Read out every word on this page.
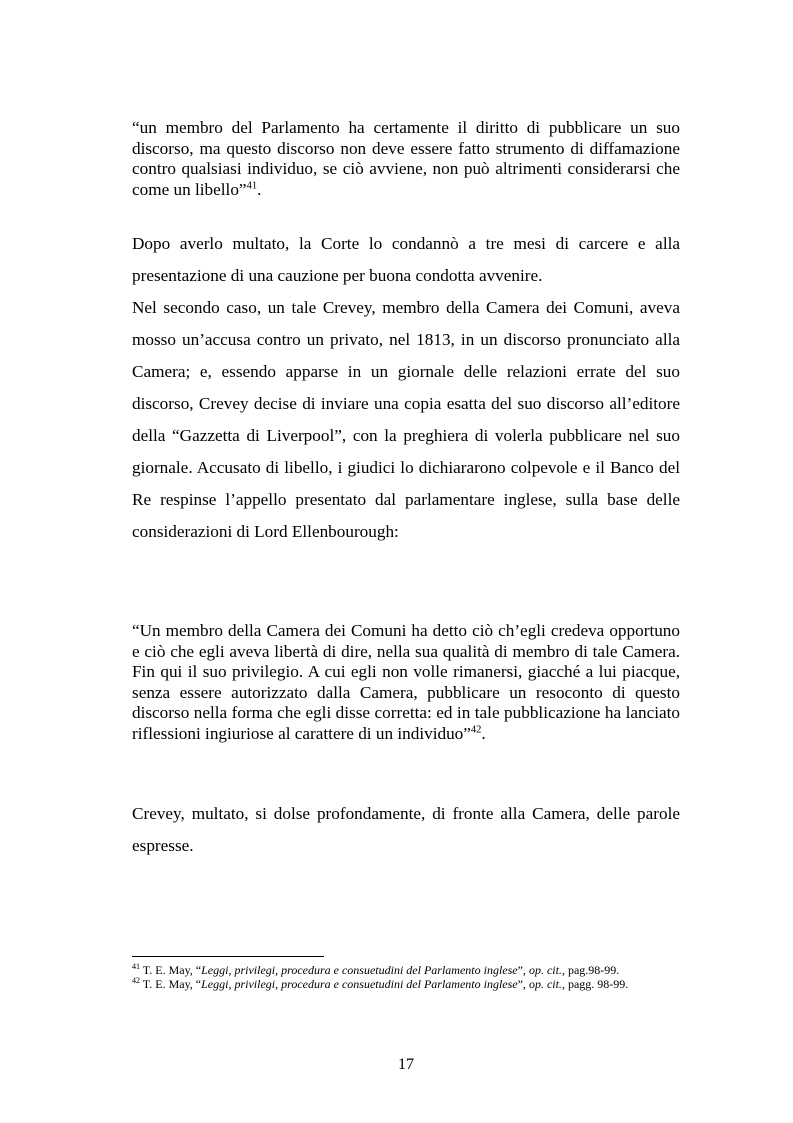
“un membro del Parlamento ha certamente il diritto di pubblicare un suo discorso, ma questo discorso non deve essere fatto strumento di diffamazione contro qualsiasi individuo, se ciò avviene, non può altrimenti considerarsi che come un libello”$^{41}$.

Dopo averlo multato, la Corte lo condannò a tre mesi di carcere e alla presentazione di una cauzione per buona condotta avvenire.

Nel secondo caso, un tale Crevey, membro della Camera dei Comuni, aveva mosso un’accusa contro un privato, nel 1813, in un discorso pronunciato alla Camera; e, essendo apparse in un giornale delle relazioni errate del suo discorso, Crevey decise di inviare una copia esatta del suo discorso all’editore della “Gazzetta di Liverpool”, con la preghiera di volerla pubblicare nel suo giornale. Accusato di libello, i giudici lo dichiararono colpevole e il Banco del Re respinse l’appello presentato dal parlamentare inglese, sulla base delle considerazioni di Lord Ellenbourough:

“Un membro della Camera dei Comuni ha detto ciò ch’egli credeva opportuno e ciò che egli aveva libertà di dire, nella sua qualità di membro di tale Camera. Fin qui il suo privilegio. A cui egli non volle rimanersi, giacché a lui piacque, senza essere autorizzato dalla Camera, pubblicare un resoconto di questo discorso nella forma che egli disse corretta: ed in tale pubblicazione ha lanciato riflessioni ingiuriose al carattere di un individuo”$^{42}$.

Crevey, multato, si dolse profondamente, di fronte alla Camera, delle parole espresse.

$^{41}$ T. E. May, “Leggi, privilegi, procedura e consuetudini del Parlamento inglese”, op. cit., pag.98-99.

$^{42}$ T. E. May, “Leggi, privilegi, procedura e consuetudini del Parlamento inglese”, op. cit., pagg. 98-99.

17
